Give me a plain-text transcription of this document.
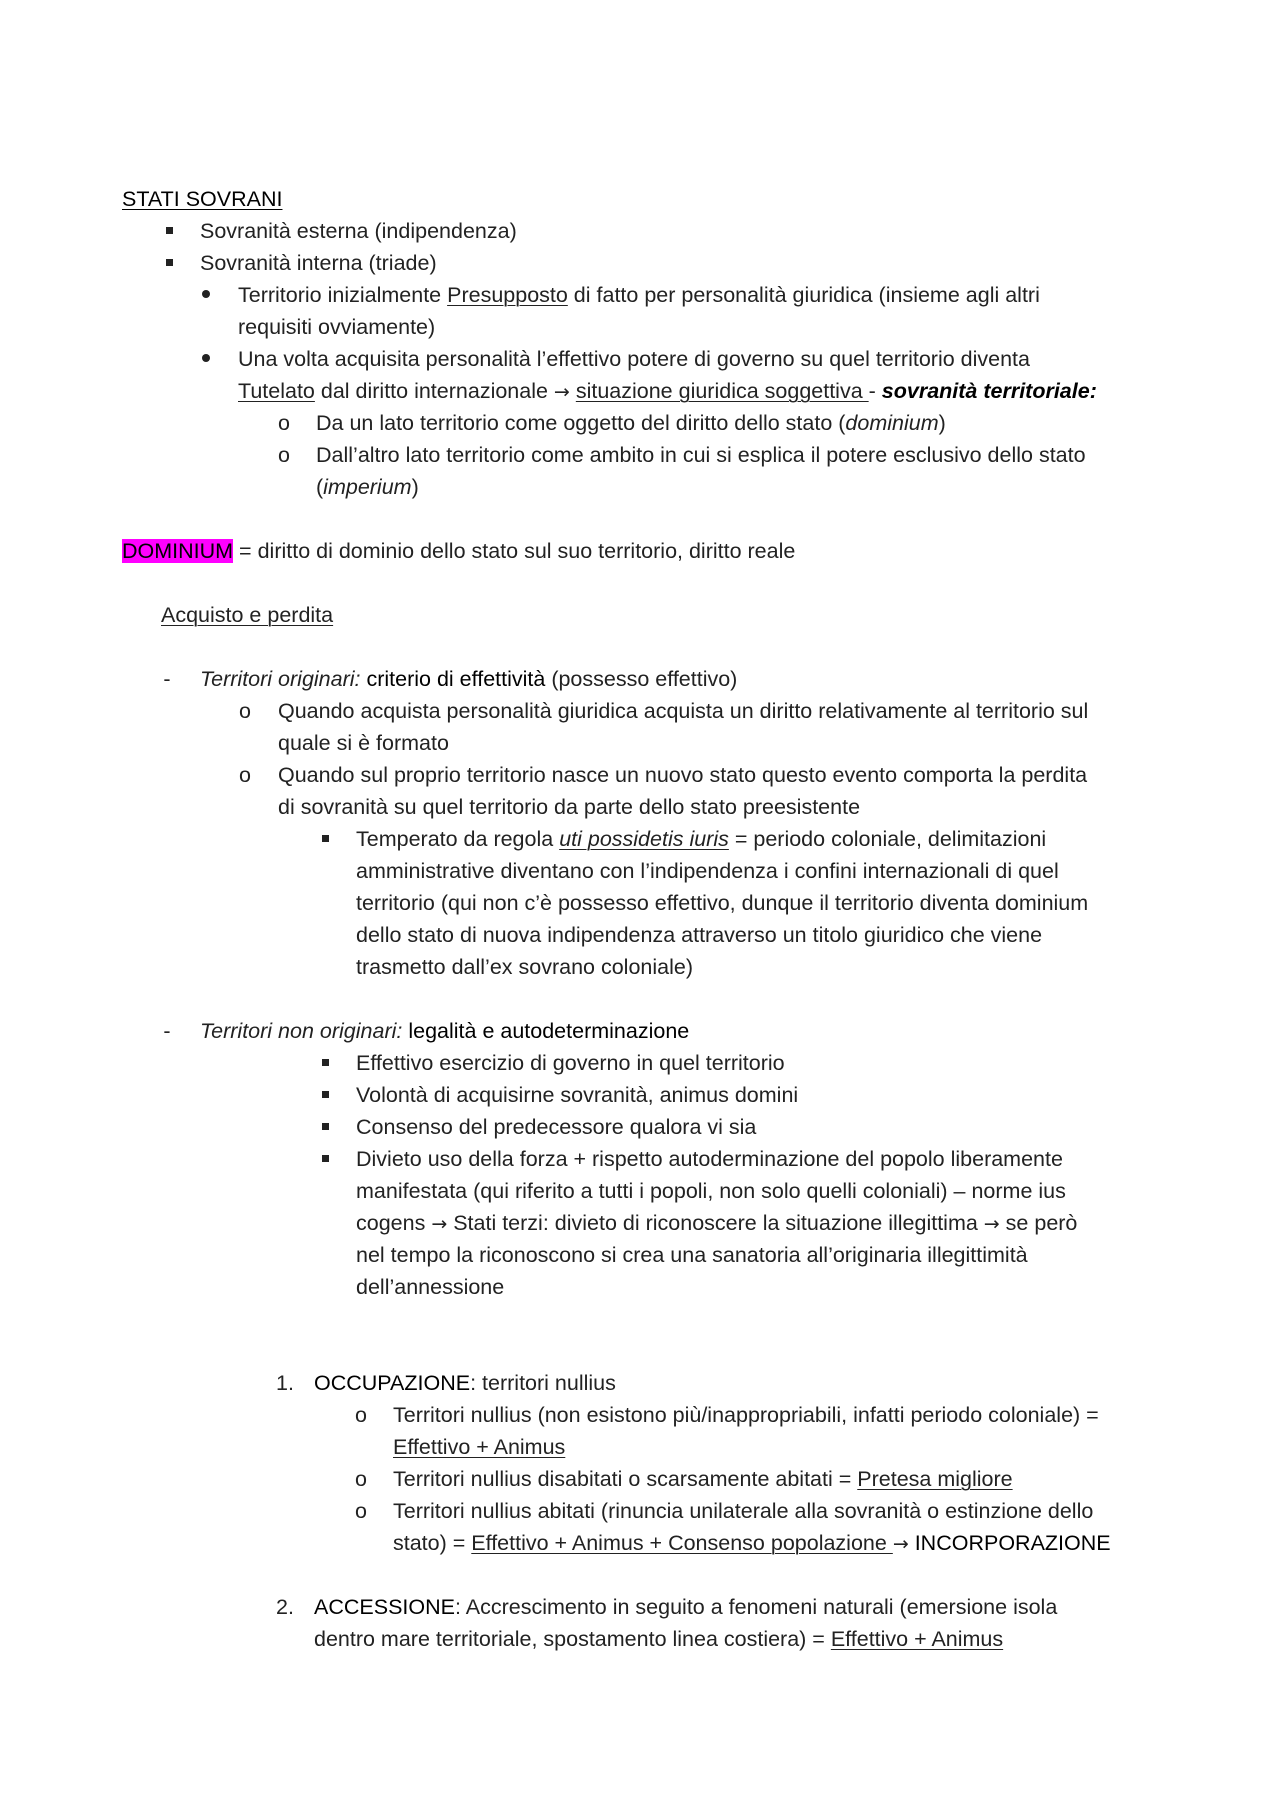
STATI SOVRANI
Sovranità esterna (indipendenza)
Sovranità interna (triade)
Territorio inizialmente Presupposto di fatto per personalità giuridica (insieme agli altri
requisiti ovviamente)
Una volta acquisita personalità l’effettivo potere di governo su quel territorio diventa
Tutelato dal diritto internazionale → situazione giuridica soggettiva - sovranità territoriale:
o Da un lato territorio come oggetto del diritto dello stato (dominium)
o Dall’altro lato territorio come ambito in cui si esplica il potere esclusivo dello stato
(imperium)
DOMINIUM = diritto di dominio dello stato sul suo territorio, diritto reale
Acquisto e perdita
- Territori originari: criterio di effettività (possesso effettivo)
o Quando acquista personalità giuridica acquista un diritto relativamente al territorio sul
quale si è formato
o Quando sul proprio territorio nasce un nuovo stato questo evento comporta la perdita
di sovranità su quel territorio da parte dello stato preesistente
Temperato da regola uti possidetis iuris = periodo coloniale, delimitazioni
amministrative diventano con l’indipendenza i confini internazionali di quel
territorio (qui non c’è possesso effettivo, dunque il territorio diventa dominium
dello stato di nuova indipendenza attraverso un titolo giuridico che viene
trasmetto dall’ex sovrano coloniale)
- Territori non originari: legalità e autodeterminazione
Effettivo esercizio di governo in quel territorio
Volontà di acquisirne sovranità, animus domini
Consenso del predecessore qualora vi sia
Divieto uso della forza + rispetto autoderminazione del popolo liberamente
manifestata (qui riferito a tutti i popoli, non solo quelli coloniali) – norme ius
cogens → Stati terzi: divieto di riconoscere la situazione illegittima → se però
nel tempo la riconoscono si crea una sanatoria all’originaria illegittimità
dell’annessione
1. OCCUPAZIONE: territori nullius
o Territori nullius (non esistono più/inappropriabili, infatti periodo coloniale) =
Effettivo + Animus
o Territori nullius disabitati o scarsamente abitati = Pretesa migliore
o Territori nullius abitati (rinuncia unilaterale alla sovranità o estinzione dello
stato) = Effettivo + Animus + Consenso popolazione → INCORPORAZIONE
2. ACCESSIONE: Accrescimento in seguito a fenomeni naturali (emersione isola
dentro mare territoriale, spostamento linea costiera) = Effettivo + Animus
